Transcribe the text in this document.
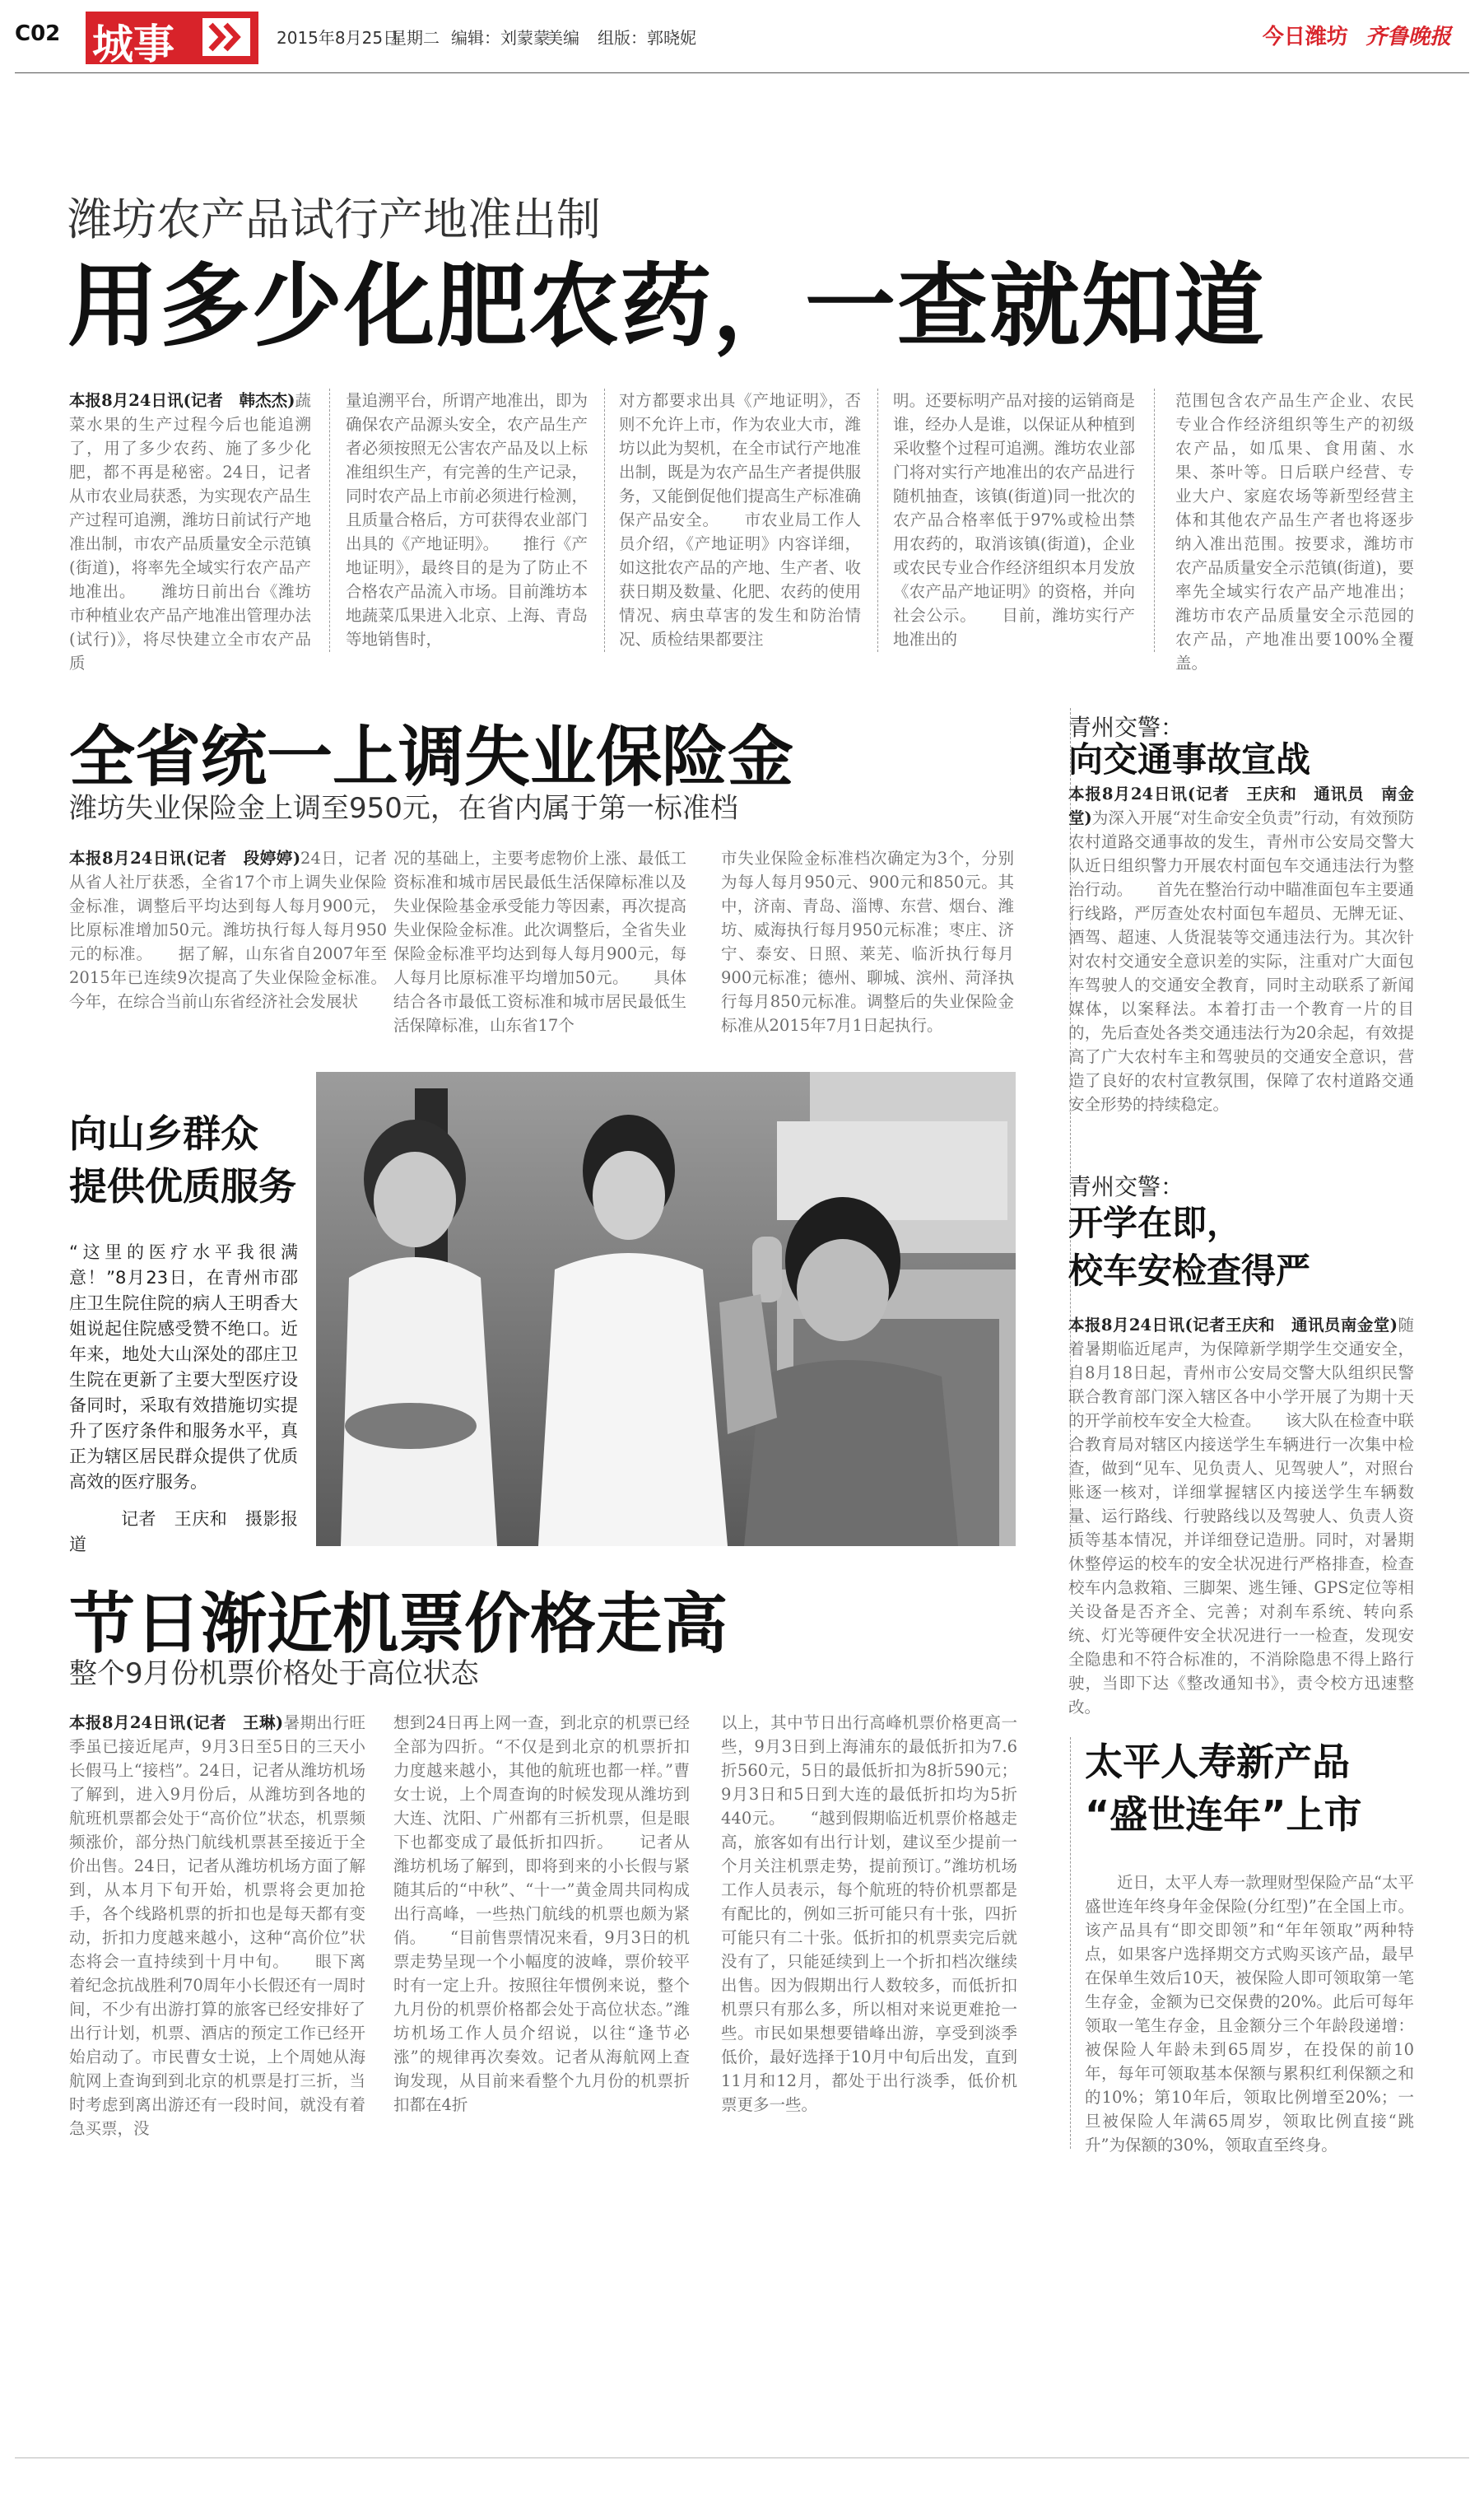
C02 城事	2015年8月25日
星期二 编辑：刘蒙蒙
美编 组版：郭晓妮	今日潍坊 齐鲁晚报
潍坊农产品试行产地准出制
用多少化肥农药，一查就知道
本报8月24日讯(记者　韩杰杰)蔬菜水果的生产过程今后也能追溯了，用了多少农药、施了多少化肥，都不再是秘密。24日，记者从市农业局获悉，为实现农产品生产过程可追溯，潍坊日前试行产地准出制，市农产品质量安全示范镇(街道)，将率先全域实行农产品产地准出。　　潍坊日前出台《潍坊市种植业农产品产地准出管理办法(试行)》，将尽快建立全市农产品质
量追溯平台，所谓产地准出，即为确保农产品源头安全，农产品生产者必须按照无公害农产品及以上标准组织生产，有完善的生产记录，同时农产品上市前必须进行检测，且质量合格后，方可获得农业部门出具的《产地证明》。　　推行《产地证明》，最终目的是为了防止不合格农产品流入市场。目前潍坊本地蔬菜瓜果进入北京、上海、青岛等地销售时，
对方都要求出具《产地证明》，否则不允许上市，作为农业大市，潍坊以此为契机，在全市试行产地准出制，既是为农产品生产者提供服务，又能倒促他们提高生产标准确保产品安全。　　市农业局工作人员介绍，《产地证明》内容详细，如这批农产品的产地、生产者、收获日期及数量、化肥、农药的使用情况、病虫草害的发生和防治情况、质检结果都要注
明。还要标明产品对接的运销商是谁，经办人是谁，以保证从种植到采收整个过程可追溯。潍坊农业部门将对实行产地准出的农产品进行随机抽查，该镇(街道)同一批次的农产品合格率低于97%或检出禁用农药的，取消该镇(街道)，企业或农民专业合作经济组织本月发放《农产品产地证明》的资格，并向社会公示。　　目前，潍坊实行产地准出的
范围包含农产品生产企业、农民专业合作经济组织等生产的初级农产品，如瓜果、食用菌、水果、茶叶等。日后联户经营、专业大户、家庭农场等新型经营主体和其他农产品生产者也将逐步纳入准出范围。按要求，潍坊市农产品质量安全示范镇(街道)，要率先全域实行农产品产地准出；潍坊市农产品质量安全示范园的农产品，产地准出要100%全覆盖。
全省统一上调失业保险金
潍坊失业保险金上调至950元，在省内属于第一标准档
本报8月24日讯(记者　段婷婷)24日，记者从省人社厅获悉，全省17个市上调失业保险金标准，调整后平均达到每人每月900元，比原标准增加50元。潍坊执行每人每月950元的标准。　　据了解，山东省自2007年至2015年已连续9次提高了失业保险金标准。今年，在综合当前山东省经济社会发展状
况的基础上，主要考虑物价上涨、最低工资标准和城市居民最低生活保障标准以及失业保险基金承受能力等因素，再次提高失业保险金标准。此次调整后，全省失业保险金标准平均达到每人每月900元，每人每月比原标准平均增加50元。　　具体结合各市最低工资标准和城市居民最低生活保障标准，山东省17个
市失业保险金标准档次确定为3个，分别为每人每月950元、900元和850元。其中，济南、青岛、淄博、东营、烟台、潍坊、威海执行每月950元标准；枣庄、济宁、泰安、日照、莱芜、临沂执行每月900元标准；德州、聊城、滨州、菏泽执行每月850元标准。调整后的失业保险金标准从2015年7月1日起执行。
向山乡群众
提供优质服务
“这里的医疗水平我很满意！”8月23日，在青州市邵庄卫生院住院的病人王明香大姐说起住院感受赞不绝口。近年来，地处大山深处的邵庄卫生院在更新了主要大型医疗设备同时，采取有效措施切实提升了医疗条件和服务水平，真正为辖区居民群众提供了优质高效的医疗服务。
记者　王庆和　摄影报道
青州交警：
向交通事故宣战
本报8月24日讯(记者　王庆和　通讯员　南金堂)为深入开展“对生命安全负责”行动，有效预防农村道路交通事故的发生，青州市公安局交警大队近日组织警力开展农村面包车交通违法行为整治行动。　　首先在整治行动中瞄准面包车主要通行线路，严厉查处农村面包车超员、无牌无证、酒驾、超速、人货混装等交通违法行为。其次针对农村交通安全意识差的实际，注重对广大面包车驾驶人的交通安全教育，同时主动联系了新闻媒体，以案释法。本着打击一个教育一片的目的，先后查处各类交通违法行为20余起，有效提高了广大农村车主和驾驶员的交通安全意识，营造了良好的农村宣教氛围，保障了农村道路交通安全形势的持续稳定。
青州交警：
开学在即，
校车安检查得严
本报8月24日讯(记者王庆和　通讯员南金堂)随着暑期临近尾声，为保障新学期学生交通安全，自8月18日起，青州市公安局交警大队组织民警联合教育部门深入辖区各中小学开展了为期十天的开学前校车安全大检查。　　该大队在检查中联合教育局对辖区内接送学生车辆进行一次集中检查，做到“见车、见负责人、见驾驶人”，对照台账逐一核对，详细掌握辖区内接送学生车辆数量、运行路线、行驶路线以及驾驶人、负责人资质等基本情况，并详细登记造册。同时，对暑期休整停运的校车的安全状况进行严格排查，检查校车内急救箱、三脚架、逃生锤、GPS定位等相关设备是否齐全、完善；对刹车系统、转向系统、灯光等硬件安全状况进行一一检查，发现安全隐患和不符合标准的，不消除隐患不得上路行驶，当即下达《整改通知书》，责令校方迅速整改。
节日渐近机票价格走高
整个9月份机票价格处于高位状态
本报8月24日讯(记者　王琳)暑期出行旺季虽已接近尾声，9月3日至5日的三天小长假马上“接档”。24日，记者从潍坊机场了解到，进入9月份后，从潍坊到各地的航班机票都会处于“高价位”状态，机票频频涨价，部分热门航线机票甚至接近于全价出售。24日，记者从潍坊机场方面了解到，从本月下旬开始，机票将会更加抢手，各个线路机票的折扣也是每天都有变动，折扣力度越来越小，这种“高价位”状态将会一直持续到十月中旬。　　眼下离着纪念抗战胜利70周年小长假还有一周时间，不少有出游打算的旅客已经安排好了出行计划，机票、酒店的预定工作已经开始启动了。市民曹女士说，上个周她从海航网上查询到到北京的机票是打三折，当时考虑到离出游还有一段时间，就没有着急买票，没
想到24日再上网一查，到北京的机票已经全部为四折。“不仅是到北京的机票折扣力度越来越小，其他的航班也都一样。”曹女士说，上个周查询的时候发现从潍坊到大连、沈阳、广州都有三折机票，但是眼下也都变成了最低折扣四折。　　记者从潍坊机场了解到，即将到来的小长假与紧随其后的“中秋”、“十一”黄金周共同构成出行高峰，一些热门航线的机票也颇为紧俏。　　“目前售票情况来看，9月3日的机票走势呈现一个小幅度的波峰，票价较平时有一定上升。按照往年惯例来说，整个九月份的机票价格都会处于高位状态。”潍坊机场工作人员介绍说，以往“逢节必涨”的规律再次奏效。记者从海航网上查询发现，从目前来看整个九月份的机票折扣都在4折
以上，其中节日出行高峰机票价格更高一些，9月3日到上海浦东的最低折扣为7.6折560元，5日的最低折扣为8折590元；9月3日和5日到大连的最低折扣均为5折440元。　　“越到假期临近机票价格越走高，旅客如有出行计划，建议至少提前一个月关注机票走势，提前预订。”潍坊机场工作人员表示，每个航班的特价机票都是有配比的，例如三折可能只有十张，四折可能只有二十张。低折扣的机票卖完后就没有了，只能延续到上一个折扣档次继续出售。因为假期出行人数较多，而低折扣机票只有那么多，所以相对来说更难抢一些。市民如果想要错峰出游，享受到淡季低价，最好选择于10月中旬后出发，直到11月和12月，都处于出行淡季，低价机票更多一些。
太平人寿新产品
“盛世连年”上市
近日，太平人寿一款理财型保险产品“太平盛世连年终身年金保险(分红型)”在全国上市。该产品具有“即交即领”和“年年领取”两种特点，如果客户选择期交方式购买该产品，最早在保单生效后10天，被保险人即可领取第一笔生存金，金额为已交保费的20%。此后可每年领取一笔生存金，且金额分三个年龄段递增：被保险人年龄未到65周岁，在投保的前10年，每年可领取基本保额与累积红利保额之和的10%；第10年后，领取比例增至20%；一旦被保险人年满65周岁，领取比例直接“跳升”为保额的30%，领取直至终身。
